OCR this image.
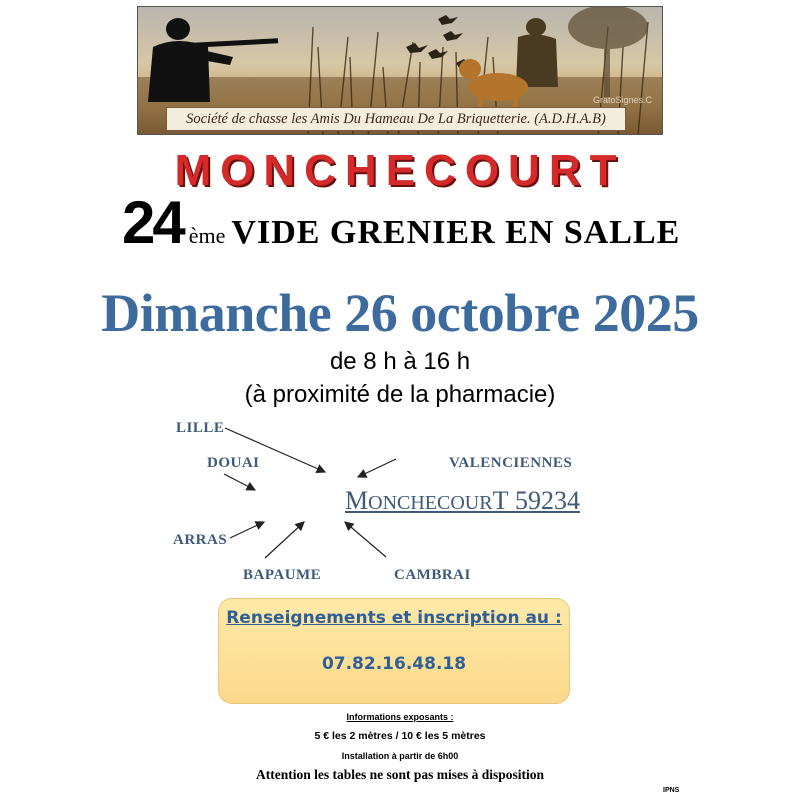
GratoSignes.C
Société de chasse les Amis Du Hameau De La Briquetterie. (A.D.H.A.B)
MONCHECOURT
24 ème VIDE GRENIER EN SALLE
Dimanche 26 octobre 2025
de 8 h à 16 h
(à proximité de la pharmacie)
LILLE
DOUAI	VALENCIENNES
ARRAS
BAPAUME	CAMBRAI
MONCHECOURT 59234
Renseignements et inscription au :
07.82.16.48.18
Informations exposants :
5 € les 2 mètres / 10 € les 5 mètres
Installation à partir de 6h00
Attention les tables ne sont pas mises à disposition
IPNS
